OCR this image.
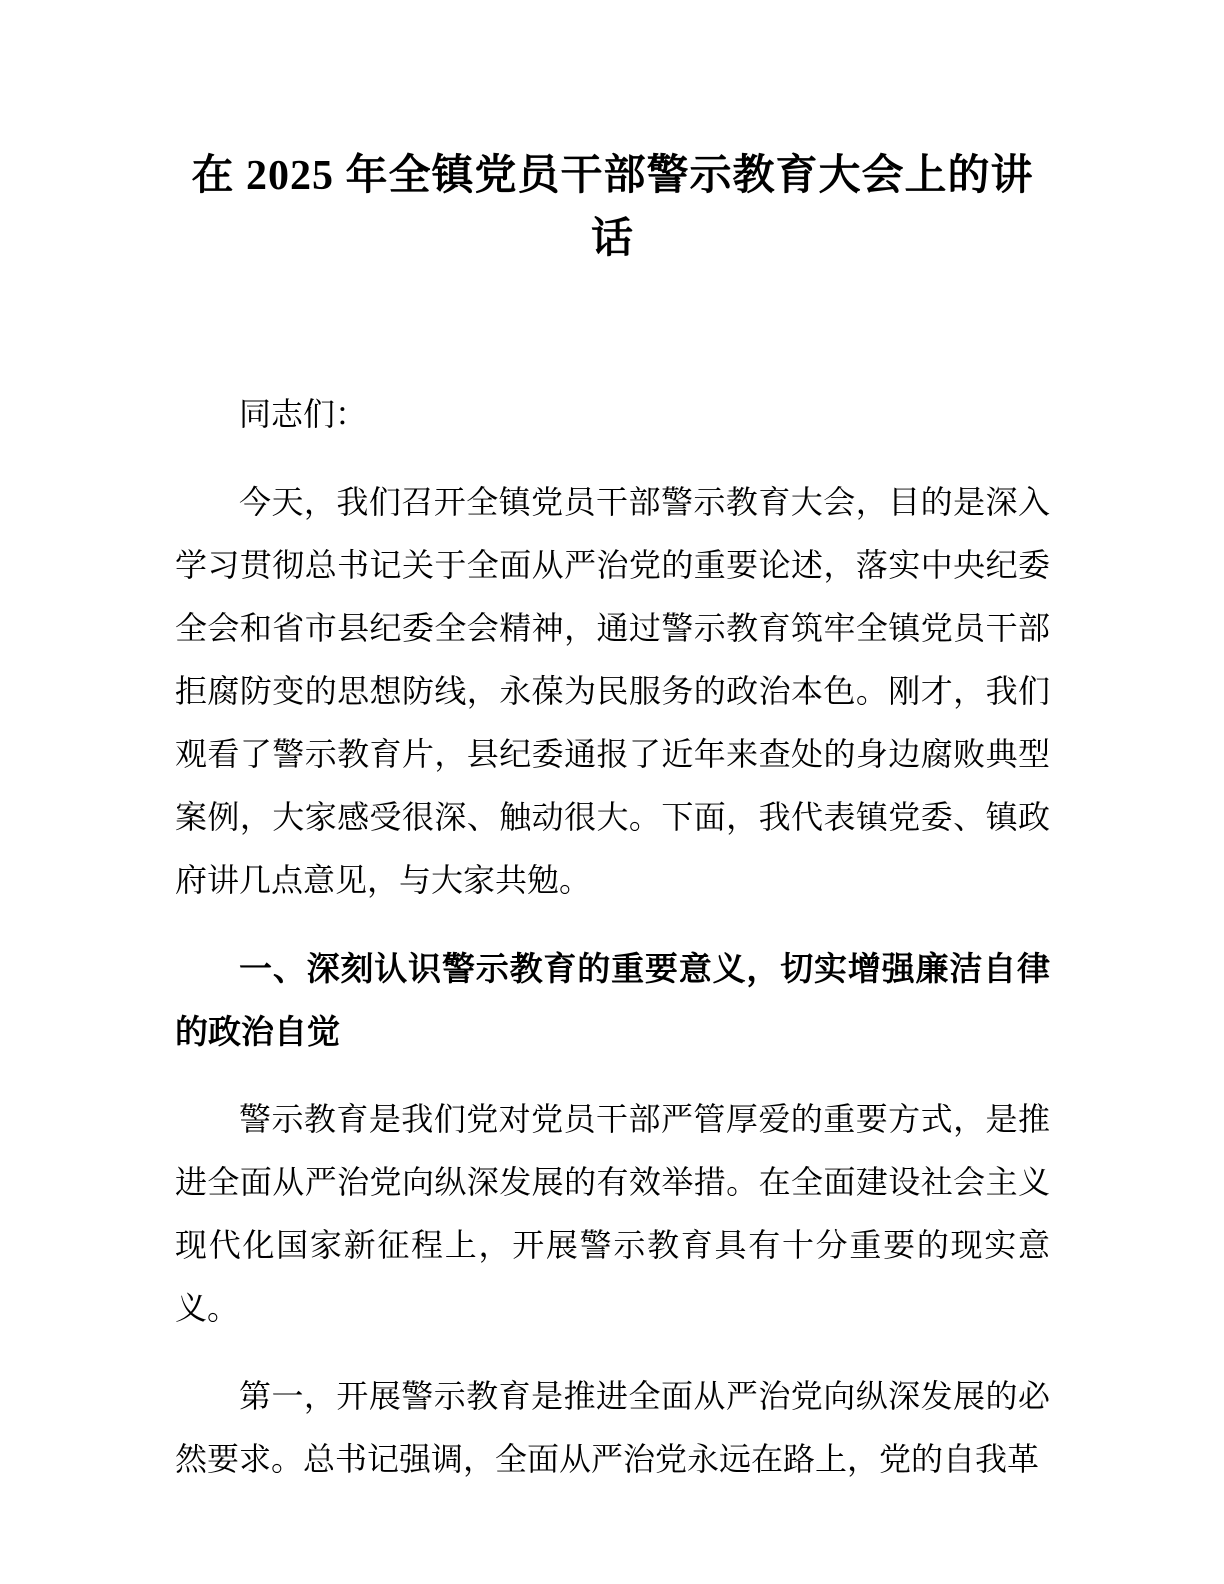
在 2025 年全镇党员干部警示教育大会上的讲
话

同志们：

今天，我们召开全镇党员干部警示教育大会，目的是深入学习贯彻总书记关于全面从严治党的重要论述，落实中央纪委全会和省市县纪委全会精神，通过警示教育筑牢全镇党员干部拒腐防变的思想防线，永葆为民服务的政治本色。刚才，我们观看了警示教育片，县纪委通报了近年来查处的身边腐败典型案例，大家感受很深、触动很大。下面，我代表镇党委、镇政府讲几点意见，与大家共勉。

一、深刻认识警示教育的重要意义，切实增强廉洁自律的政治自觉

警示教育是我们党对党员干部严管厚爱的重要方式，是推进全面从严治党向纵深发展的有效举措。在全面建设社会主义现代化国家新征程上，开展警示教育具有十分重要的现实意义。

第一，开展警示教育是推进全面从严治党向纵深发展的必然要求。总书记强调，全面从严治党永远在路上，党的自我革
